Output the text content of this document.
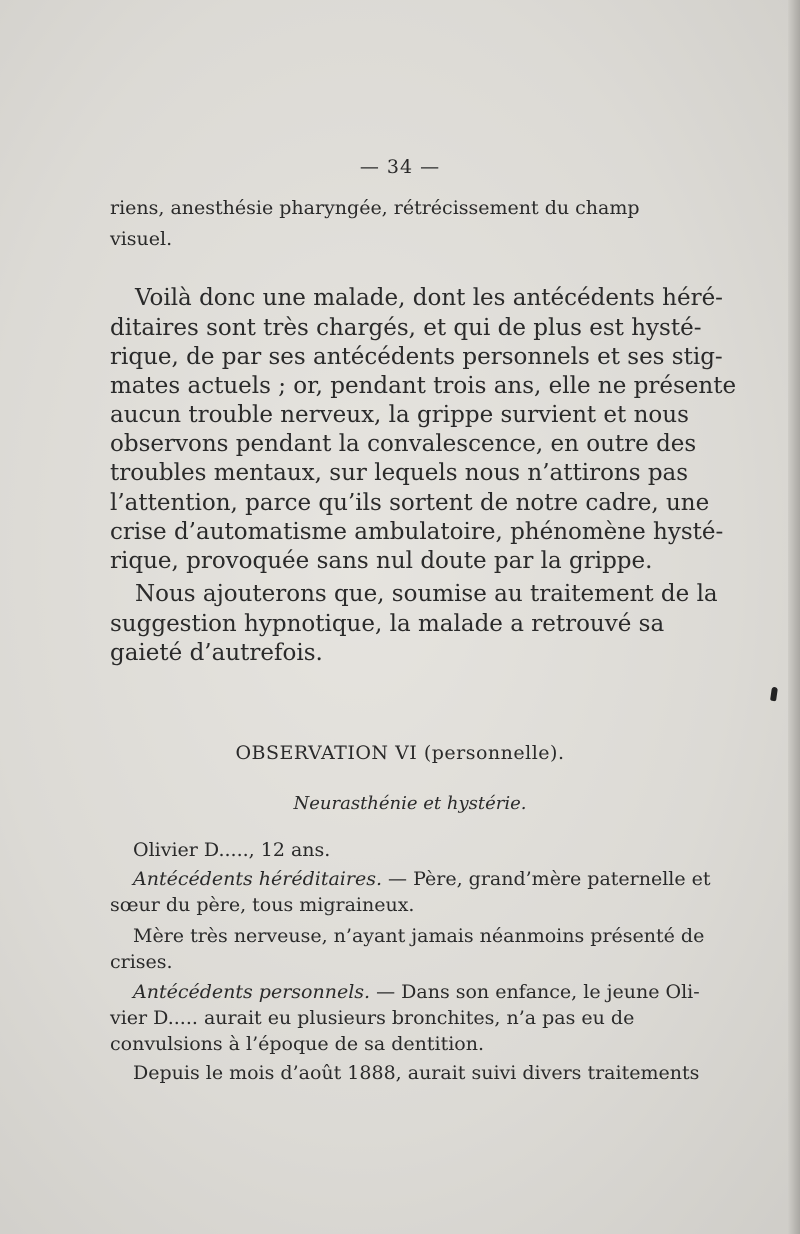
— 34 —
riens, anesthésie pharyngée, rétrécissement du champ
visuel.
Voilà donc une malade, dont les antécédents héré-
ditaires sont très chargés, et qui de plus est hysté-
rique, de par ses antécédents personnels et ses stig-
mates actuels ; or, pendant trois ans, elle ne présente
aucun trouble nerveux, la grippe survient et nous
observons pendant la convalescence, en outre des
troubles mentaux, sur lequels nous n’attirons pas
l’attention, parce qu’ils sortent de notre cadre, une
crise d’automatisme ambulatoire, phénomène hysté-
rique, provoquée sans nul doute par la grippe.
Nous ajouterons que, soumise au traitement de la
suggestion hypnotique, la malade a retrouvé sa
gaieté d’autrefois.
OBSERVATION VI (personnelle).
Neurasthénie et hystérie.
Olivier D....., 12 ans.
Antécédents héréditaires. — Père, grand’mère paternelle et
sœur du père, tous migraineux.
Mère très nerveuse, n’ayant jamais néanmoins présenté de
crises.
Antécédents personnels. — Dans son enfance, le jeune Oli-
vier D..... aurait eu plusieurs bronchites, n’a pas eu de
convulsions à l’époque de sa dentition.
Depuis le mois d’août 1888, aurait suivi divers traitements
